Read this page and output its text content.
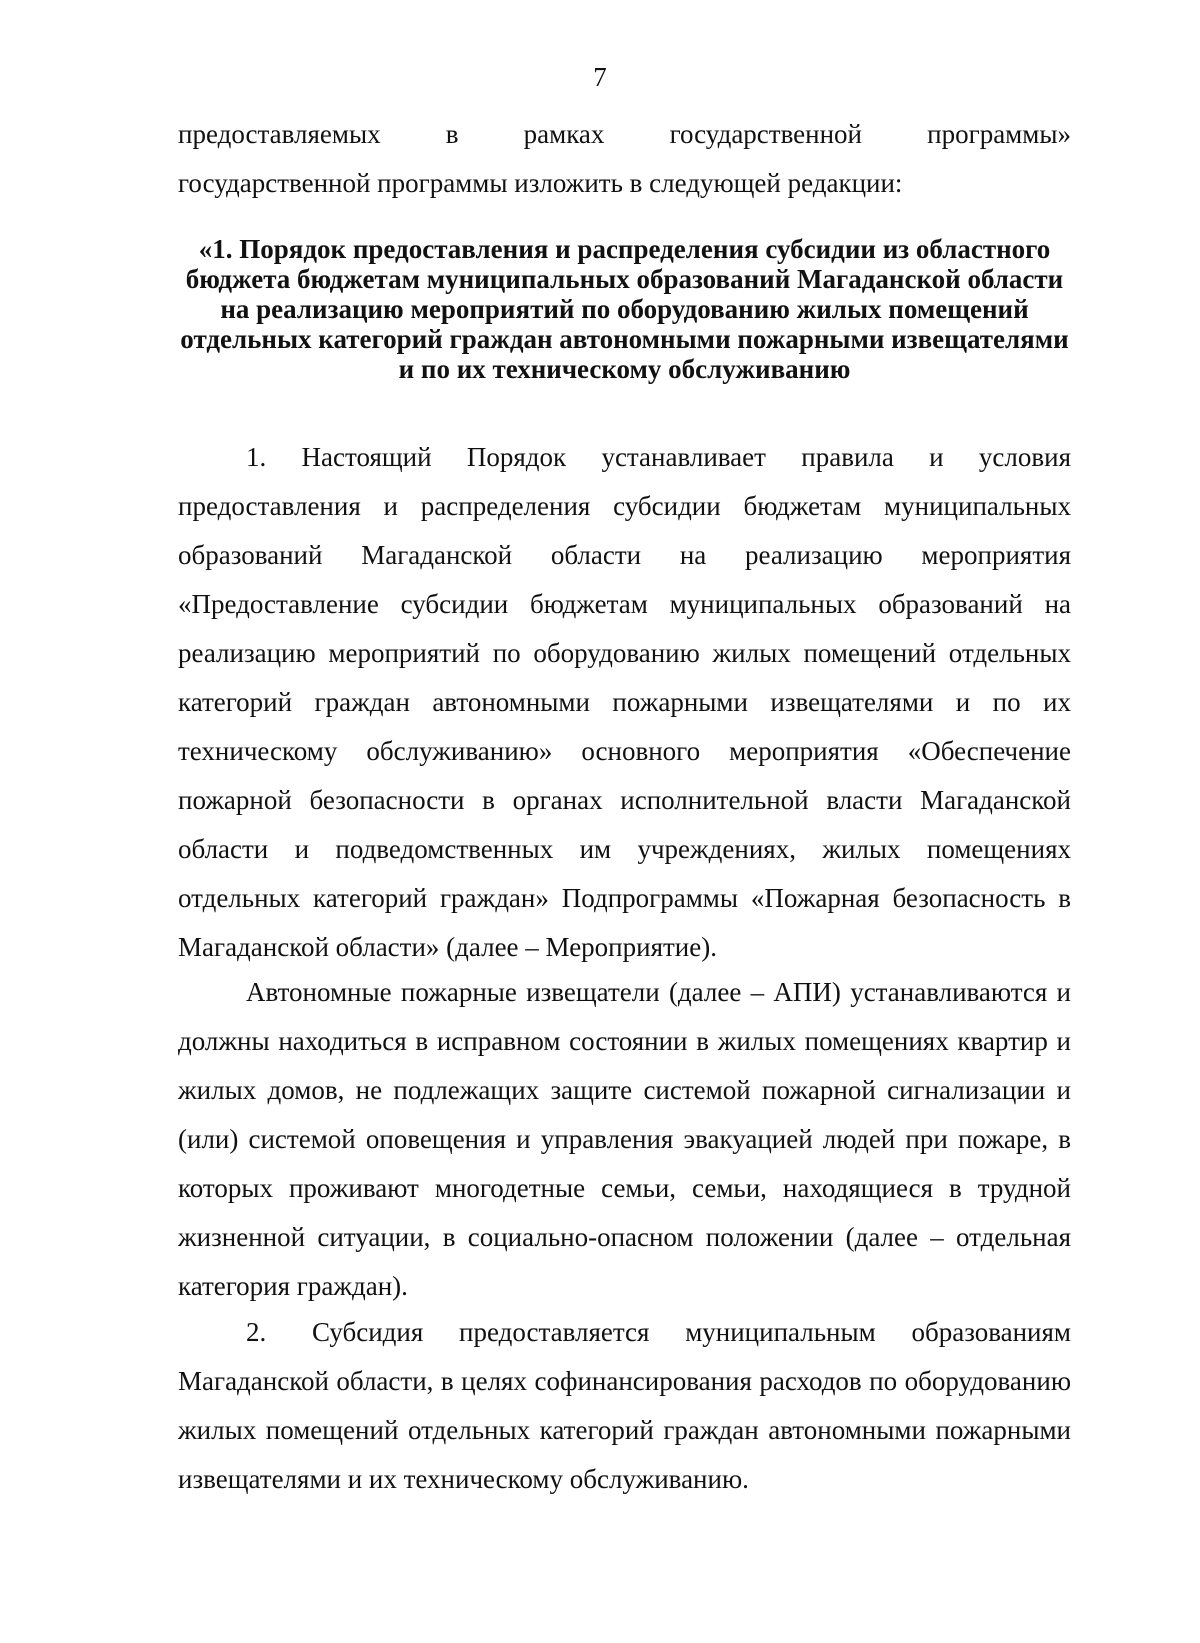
7
предоставляемых в рамках государственной программы»
государственной программы изложить в следующей редакции:

«1. Порядок предоставления и распределения субсидии из областного бюджета бюджетам муниципальных образований Магаданской области на реализацию мероприятий по оборудованию жилых помещений отдельных категорий граждан автономными пожарными извещателями и по их техническому обслуживанию

1. Настоящий Порядок устанавливает правила и условия предоставления и распределения субсидии бюджетам муниципальных образований Магаданской области на реализацию мероприятия «Предоставление субсидии бюджетам муниципальных образований на реализацию мероприятий по оборудованию жилых помещений отдельных категорий граждан автономными пожарными извещателями и по их техническому обслуживанию» основного мероприятия «Обеспечение пожарной безопасности в органах исполнительной власти Магаданской области и подведомственных им учреждениях, жилых помещениях отдельных категорий граждан» Подпрограммы «Пожарная безопасность в Магаданской области» (далее – Мероприятие).

Автономные пожарные извещатели (далее – АПИ) устанавливаются и должны находиться в исправном состоянии в жилых помещениях квартир и жилых домов, не подлежащих защите системой пожарной сигнализации и (или) системой оповещения и управления эвакуацией людей при пожаре, в которых проживают многодетные семьи, семьи, находящиеся в трудной жизненной ситуации, в социально-опасном положении (далее – отдельная категория граждан).

2. Субсидия предоставляется муниципальным образованиям Магаданской области, в целях софинансирования расходов по оборудованию жилых помещений отдельных категорий граждан автономными пожарными извещателями и их техническому обслуживанию.
